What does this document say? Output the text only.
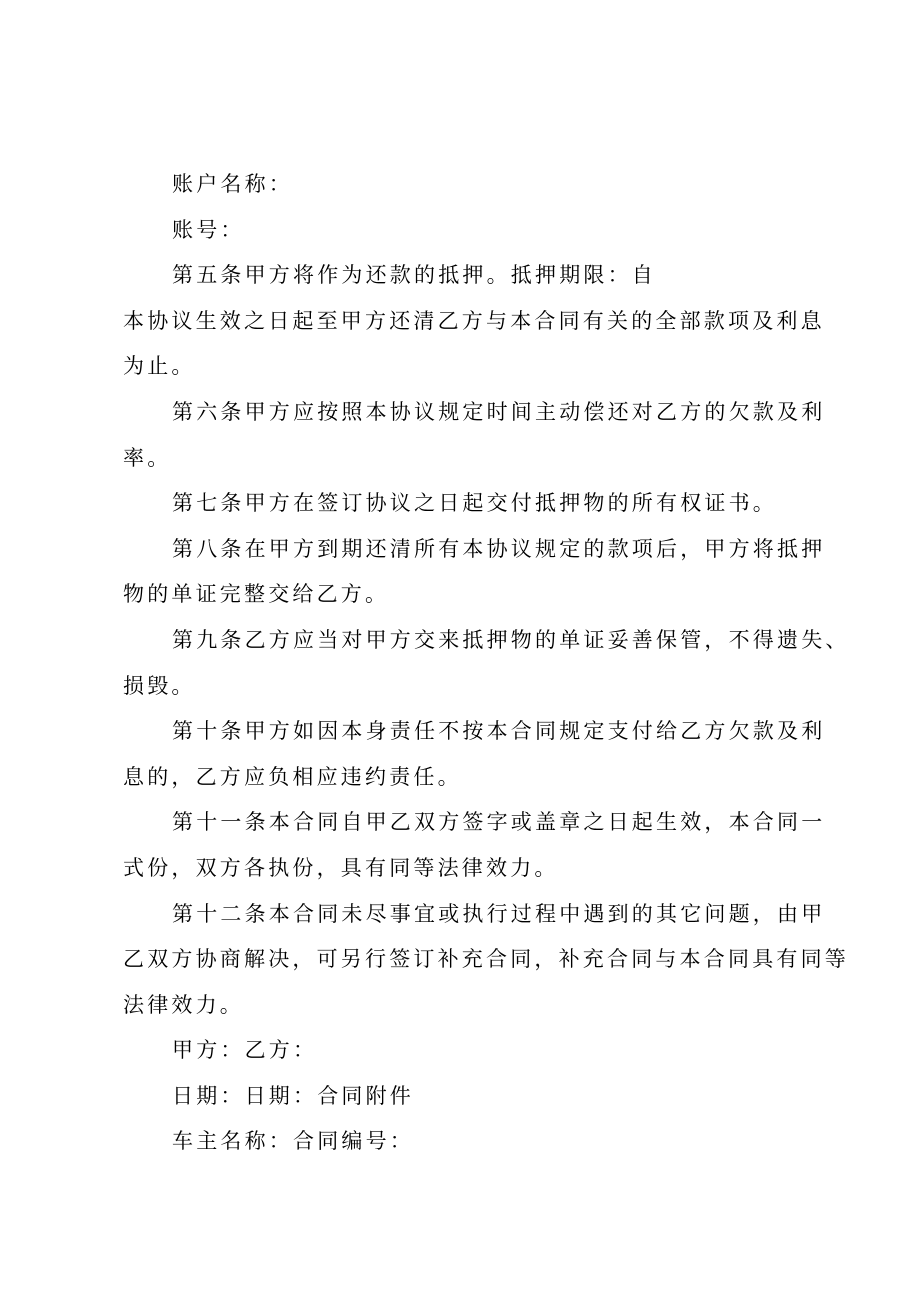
账户名称：

账号：

第五条甲方将作为还款的抵押。抵押期限：自
本协议生效之日起至甲方还清乙方与本合同有关的全部款项及利息
为止。

第六条甲方应按照本协议规定时间主动偿还对乙方的欠款及利
率。

第七条甲方在签订协议之日起交付抵押物的所有权证书。

第八条在甲方到期还清所有本协议规定的款项后，甲方将抵押
物的单证完整交给乙方。

第九条乙方应当对甲方交来抵押物的单证妥善保管，不得遗失、
损毁。

第十条甲方如因本身责任不按本合同规定支付给乙方欠款及利
息的，乙方应负相应违约责任。

第十一条本合同自甲乙双方签字或盖章之日起生效，本合同一
式份，双方各执份，具有同等法律效力。

第十二条本合同未尽事宜或执行过程中遇到的其它问题，由甲
乙双方协商解决，可另行签订补充合同，补充合同与本合同具有同等
法律效力。

甲方：乙方：

日期：日期：合同附件

车主名称：合同编号：
